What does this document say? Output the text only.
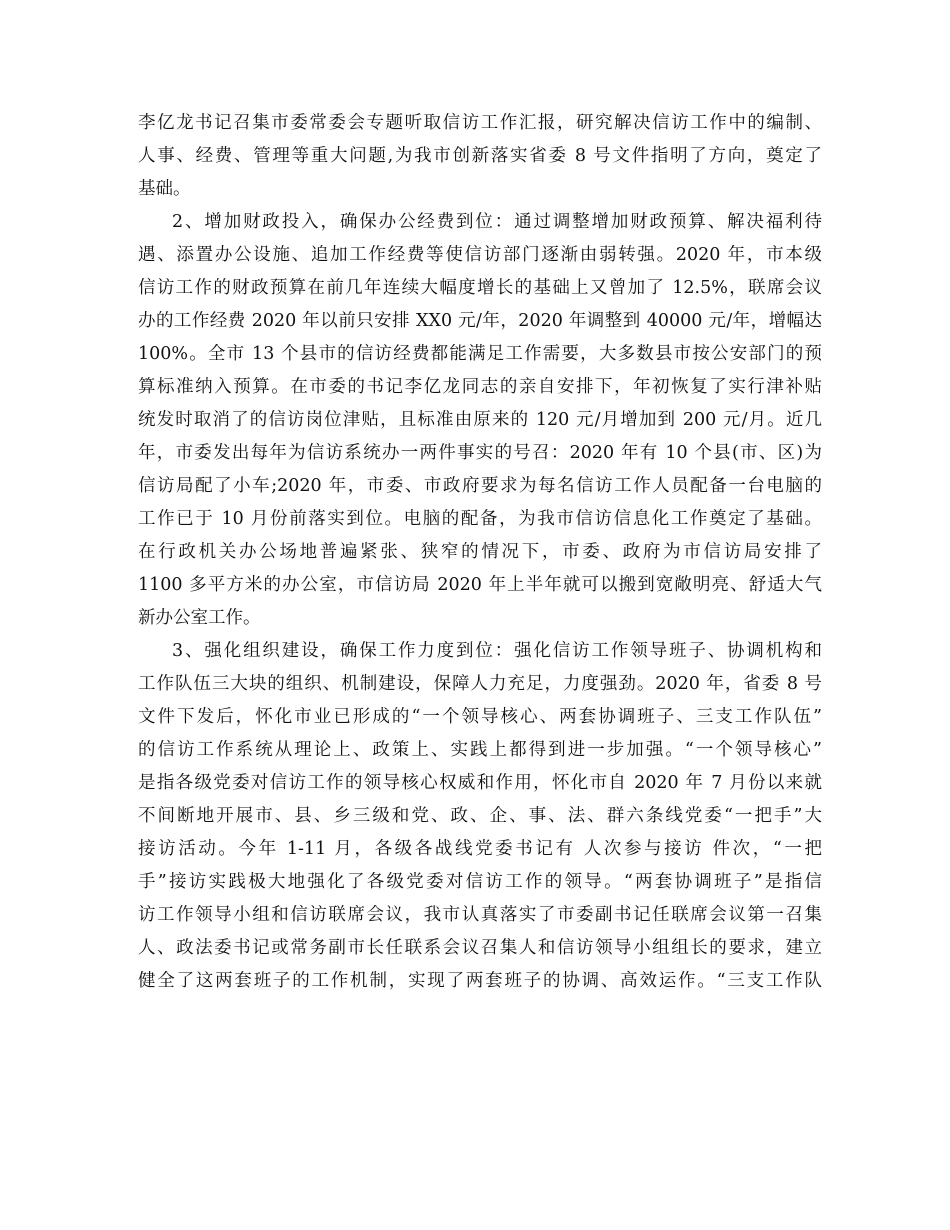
李亿龙书记召集市委常委会专题听取信访工作汇报，研究解决信访工作中的编制、
人事、经费、管理等重大问题,为我市创新落实省委 8 号文件指明了方向，奠定了
基础。
2、增加财政投入，确保办公经费到位：通过调整增加财政预算、解决福利待
遇、添置办公设施、追加工作经费等使信访部门逐渐由弱转强。2020 年，市本级
信访工作的财政预算在前几年连续大幅度增长的基础上又曾加了 12.5%，联席会议
办的工作经费 2020 年以前只安排 XX0 元/年，2020 年调整到 40000 元/年，增幅达
100%。全市 13 个县市的信访经费都能满足工作需要，大多数县市按公安部门的预
算标准纳入预算。在市委的书记李亿龙同志的亲自安排下，年初恢复了实行津补贴
统发时取消了的信访岗位津贴，且标准由原来的 120 元/月增加到 200 元/月。近几
年，市委发出每年为信访系统办一两件事实的号召：2020 年有 10 个县(市、区)为
信访局配了小车;2020 年，市委、市政府要求为每名信访工作人员配备一台电脑的
工作已于 10 月份前落实到位。电脑的配备，为我市信访信息化工作奠定了基础。
在行政机关办公场地普遍紧张、狭窄的情况下，市委、政府为市信访局安排了
1100 多平方米的办公室，市信访局 2020 年上半年就可以搬到宽敞明亮、舒适大气
新办公室工作。
3、强化组织建设，确保工作力度到位：强化信访工作领导班子、协调机构和
工作队伍三大块的组织、机制建设，保障人力充足，力度强劲。2020 年，省委 8 号
文件下发后，怀化市业已形成的“一个领导核心、两套协调班子、三支工作队伍”
的信访工作系统从理论上、政策上、实践上都得到进一步加强。“一个领导核心”
是指各级党委对信访工作的领导核心权威和作用，怀化市自 2020 年 7 月份以来就
不间断地开展市、县、乡三级和党、政、企、事、法、群六条线党委“一把手”大
接访活动。今年 1-11 月，各级各战线党委书记有 人次参与接访 件次，“一把
手”接访实践极大地强化了各级党委对信访工作的领导。“两套协调班子”是指信
访工作领导小组和信访联席会议，我市认真落实了市委副书记任联席会议第一召集
人、政法委书记或常务副市长任联系会议召集人和信访领导小组组长的要求，建立
健全了这两套班子的工作机制，实现了两套班子的协调、高效运作。“三支工作队
